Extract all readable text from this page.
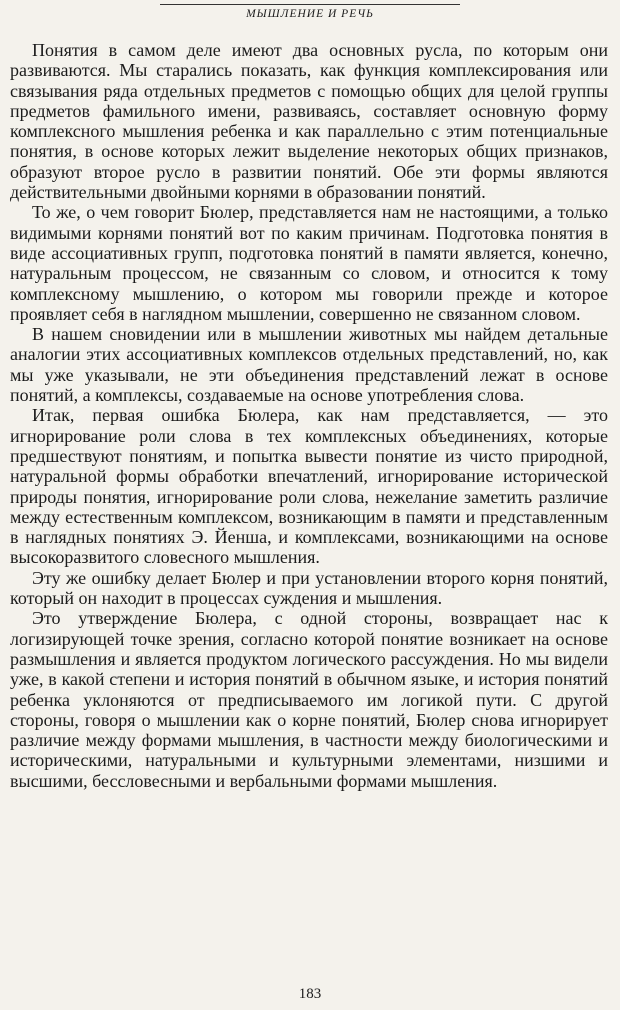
МЫШЛЕНИЕ И РЕЧЬ

Понятия в самом деле имеют два основных русла, по которым они развиваются. Мы старались показать, как функция комплексирования или связывания ряда отдельных предметов с помощью общих для целой группы предметов фамильного имени, развиваясь, составляет основную форму комплексного мышления ребенка и как параллельно с этим потенциальные понятия, в основе которых лежит выделение некоторых общих признаков, образуют второе русло в развитии понятий. Обе эти формы являются действительными двойными корнями в образовании понятий.

То же, о чем говорит Бюлер, представляется нам не настоящими, а только видимыми корнями понятий вот по каким причинам. Подготовка понятия в виде ассоциативных групп, подготовка понятий в памяти является, конечно, натуральным процессом, не связанным со словом, и относится к тому комплексному мышлению, о котором мы говорили прежде и которое проявляет себя в наглядном мышлении, совершенно не связанном словом.

В нашем сновидении или в мышлении животных мы найдем детальные аналогии этих ассоциативных комплексов отдельных представлений, но, как мы уже указывали, не эти объединения представлений лежат в основе понятий, а комплексы, создаваемые на основе употребления слова.

Итак, первая ошибка Бюлера, как нам представляется, — это игнорирование роли слова в тех комплексных объединениях, которые предшествуют понятиям, и попытка вывести понятие из чисто природной, натуральной формы обработки впечатлений, игнорирование исторической природы понятия, игнорирование роли слова, нежелание заметить различие между естественным комплексом, возникающим в памяти и представленным в наглядных понятиях Э. Йенша, и комплексами, возникающими на основе высокоразвитого словесного мышления.

Эту же ошибку делает Бюлер и при установлении второго корня понятий, который он находит в процессах суждения и мышления.

Это утверждение Бюлера, с одной стороны, возвращает нас к логизирующей точке зрения, согласно которой понятие возникает на основе размышления и является продуктом логического рассуждения. Но мы видели уже, в какой степени и история понятий в обычном языке, и история понятий ребенка уклоняются от предписываемого им логикой пути. С другой стороны, говоря о мышлении как о корне понятий, Бюлер снова игнорирует различие между формами мышления, в частности между биологическими и историческими, натуральными и культурными элементами, низшими и высшими, бессловесными и вербальными формами мышления.

183
